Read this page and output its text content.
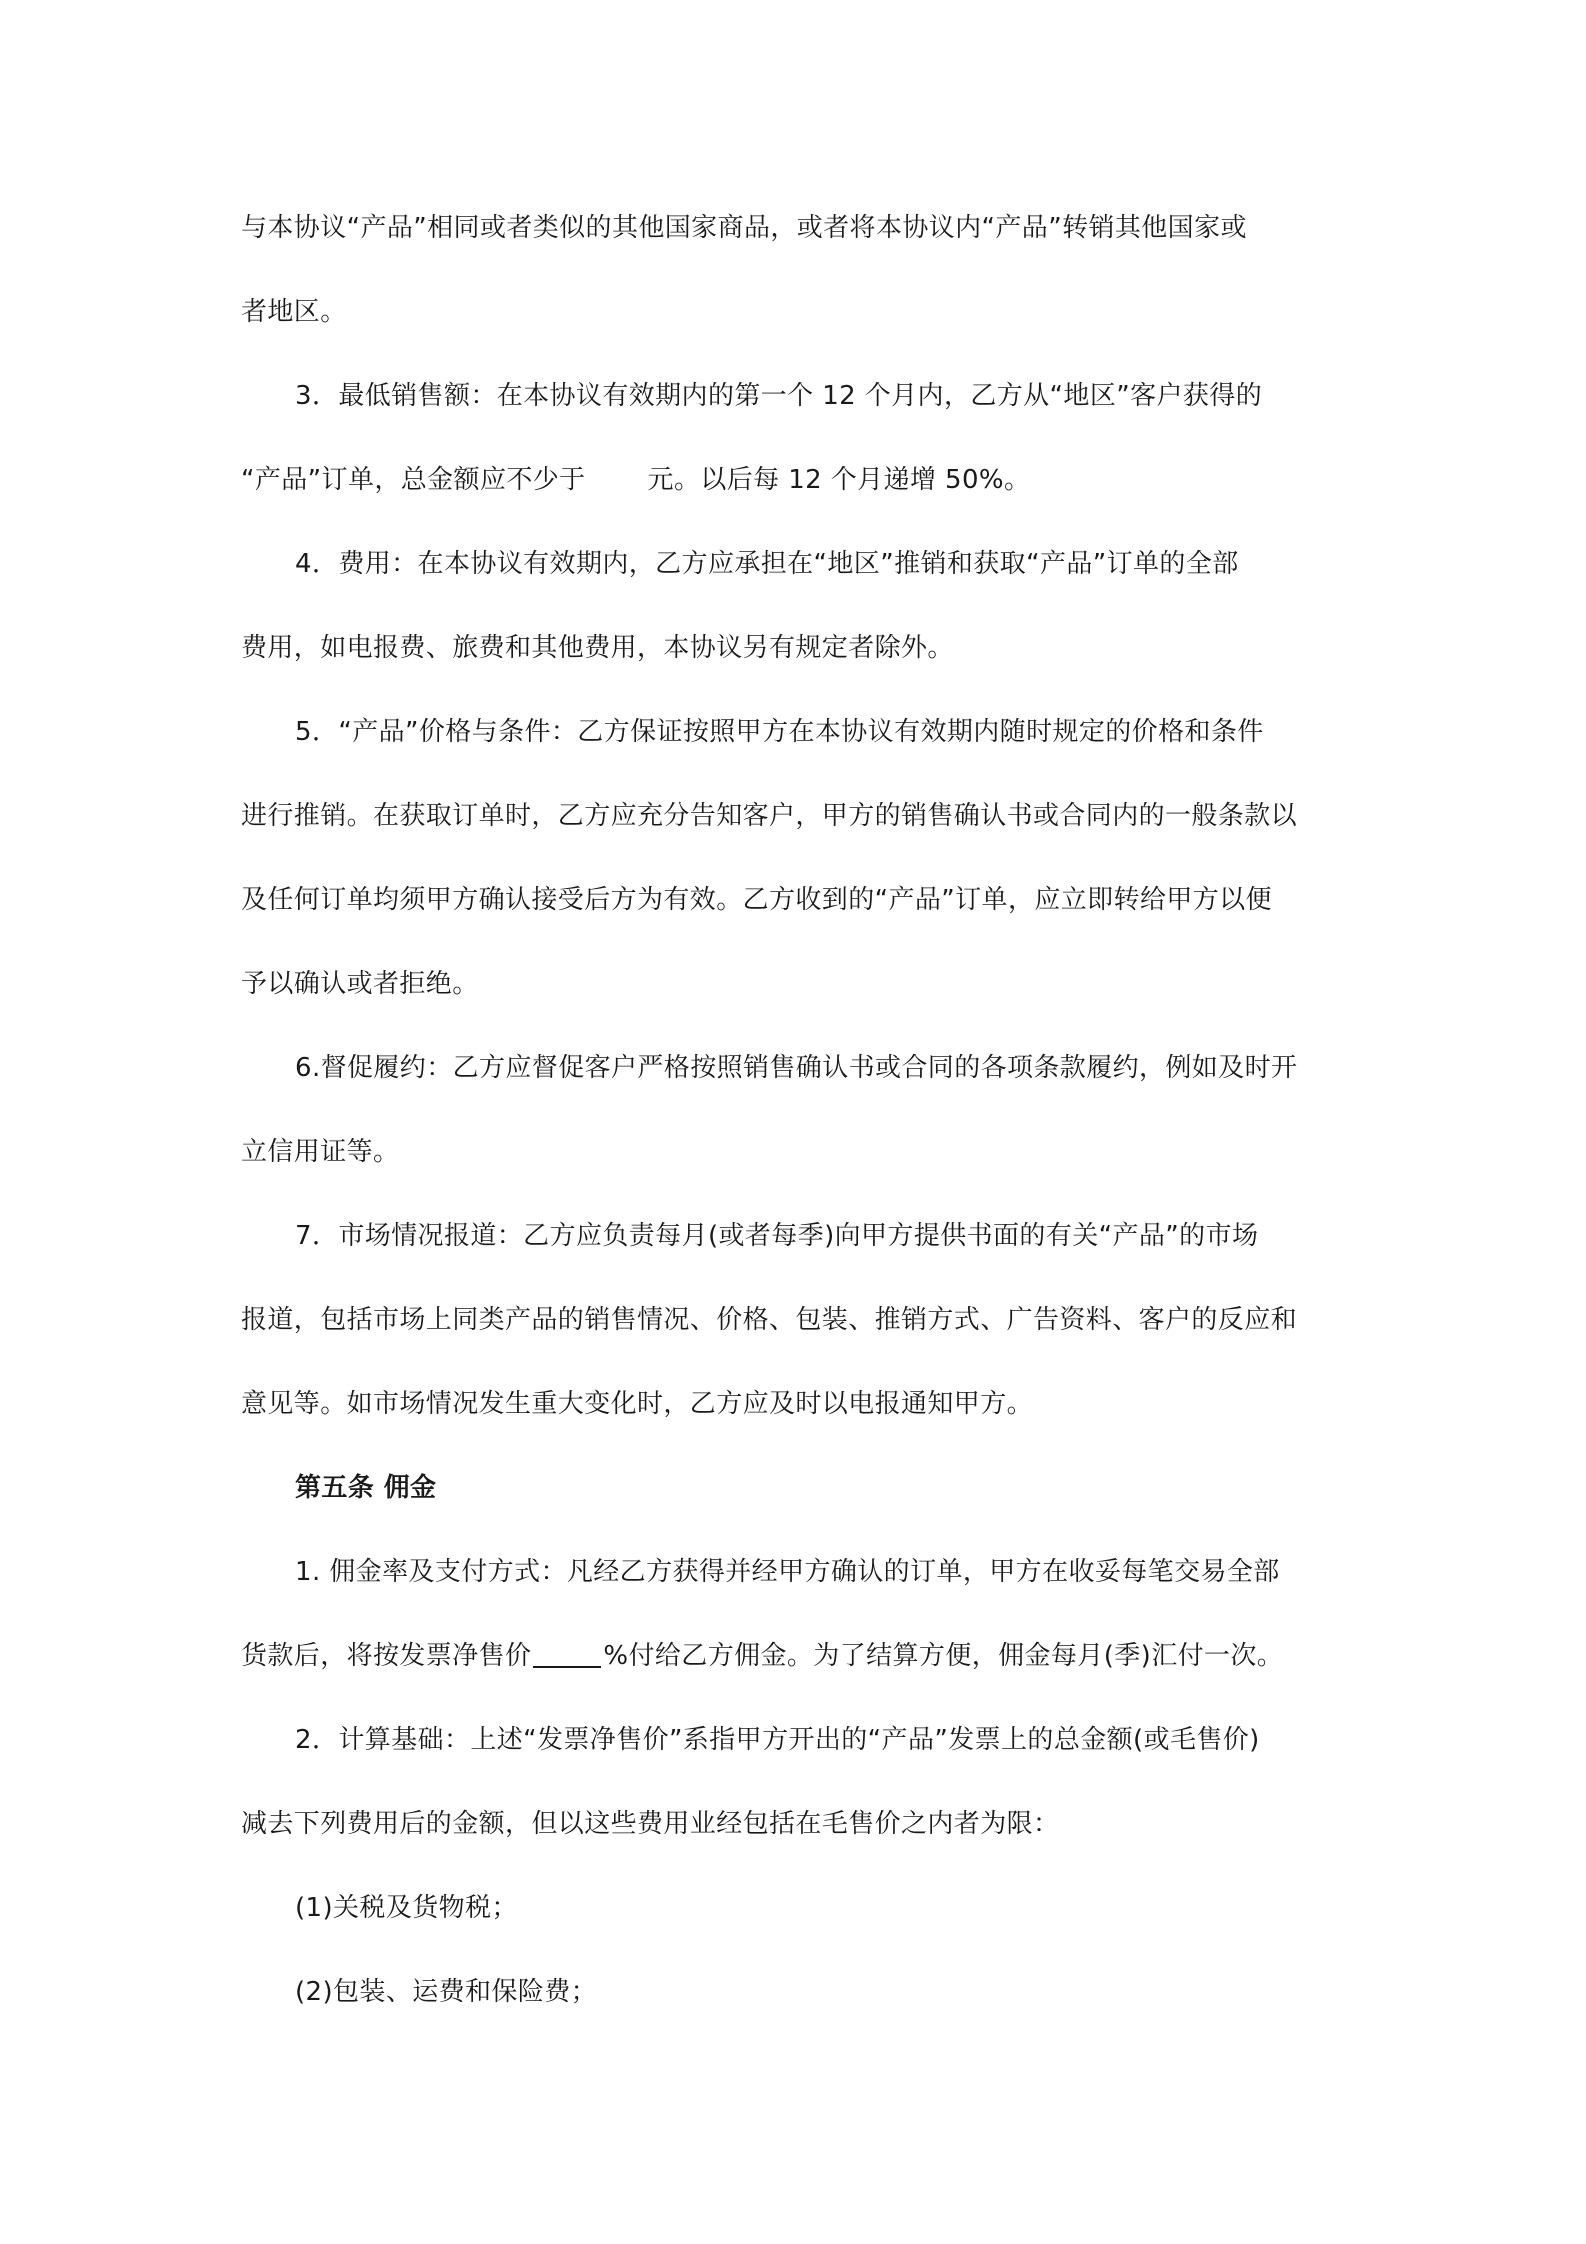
与本协议“产品”相同或者类似的其他国家商品，或者将本协议内“产品”转销其他国家或
者地区。
3．最低销售额：在本协议有效期内的第一个 12 个月内，乙方从“地区”客户获得的
“产品”订单，总金额应不少于 元。以后每 12 个月递增 50%。
4．费用：在本协议有效期内，乙方应承担在“地区”推销和获取“产品”订单的全部
费用，如电报费、旅费和其他费用，本协议另有规定者除外。
5．“产品”价格与条件：乙方保证按照甲方在本协议有效期内随时规定的价格和条件
进行推销。在获取订单时，乙方应充分告知客户，甲方的销售确认书或合同内的一般条款以
及任何订单均须甲方确认接受后方为有效。乙方收到的“产品”订单，应立即转给甲方以便
予以确认或者拒绝。
6.督促履约：乙方应督促客户严格按照销售确认书或合同的各项条款履约，例如及时开
立信用证等。
7．市场情况报道：乙方应负责每月(或者每季)向甲方提供书面的有关“产品”的市场
报道，包括市场上同类产品的销售情况、价格、包装、推销方式、广告资料、客户的反应和
意见等。如市场情况发生重大变化时，乙方应及时以电报通知甲方。
第五条 佣金
1. 佣金率及支付方式：凡经乙方获得并经甲方确认的订单，甲方在收妥每笔交易全部
货款后，将按发票净售价	%付给乙方佣金。为了结算方便，佣金每月(季)汇付一次。
2．计算基础：上述“发票净售价”系指甲方开出的“产品”发票上的总金额(或毛售价)
减去下列费用后的金额，但以这些费用业经包括在毛售价之内者为限：
(1)关税及货物税；
(2)包装、运费和保险费；
